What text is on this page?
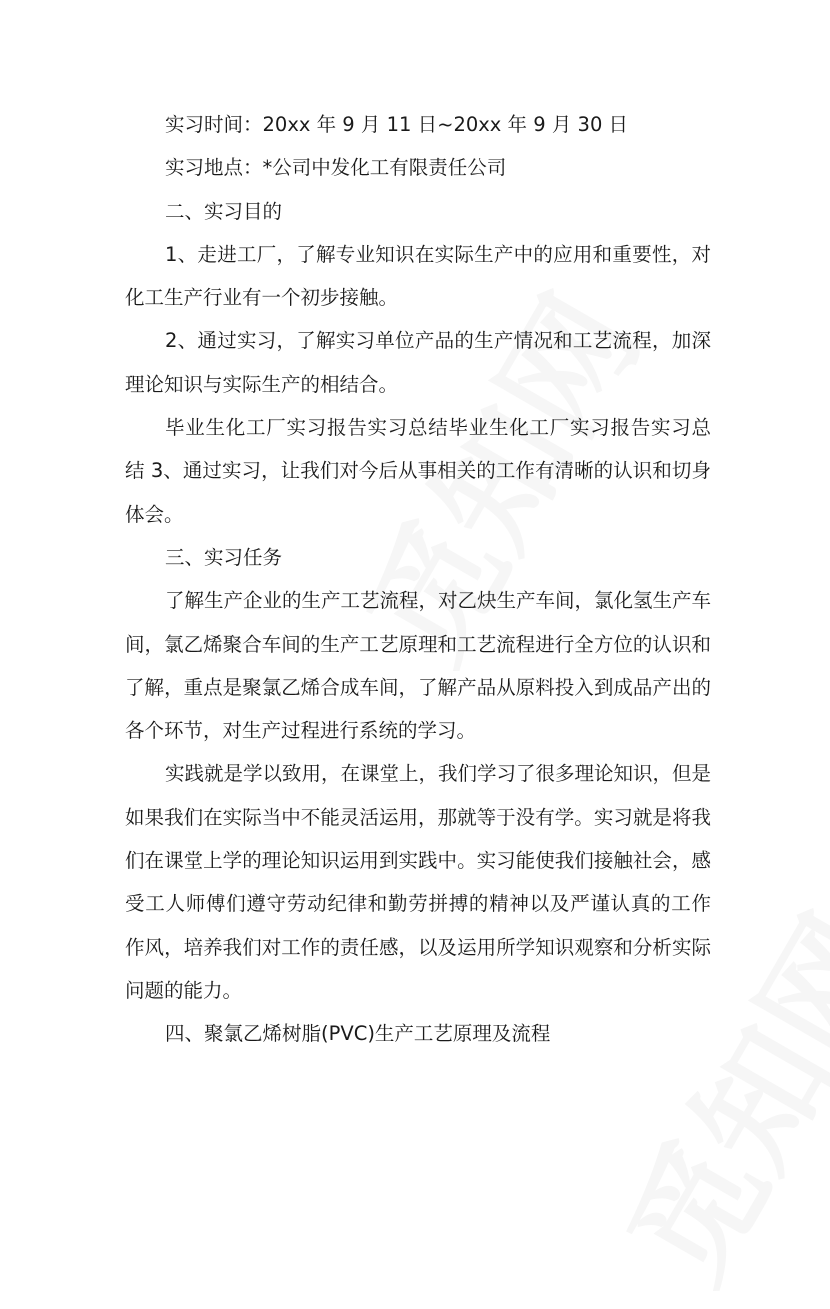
实习时间：20xx 年 9 月 11 日~20xx 年 9 月 30 日
实习地点：*公司中发化工有限责任公司
二、实习目的
1、走进工厂，了解专业知识在实际生产中的应用和重要性，对
化工生产行业有一个初步接触。
2、通过实习，了解实习单位产品的生产情况和工艺流程，加深
理论知识与实际生产的相结合。
毕业生化工厂实习报告实习总结毕业生化工厂实习报告实习总
结 3、通过实习，让我们对今后从事相关的工作有清晰的认识和切身
体会。
三、实习任务
了解生产企业的生产工艺流程，对乙炔生产车间，氯化氢生产车
间，氯乙烯聚合车间的生产工艺原理和工艺流程进行全方位的认识和
了解，重点是聚氯乙烯合成车间，了解产品从原料投入到成品产出的
各个环节，对生产过程进行系统的学习。
实践就是学以致用，在课堂上，我们学习了很多理论知识，但是
如果我们在实际当中不能灵活运用，那就等于没有学。实习就是将我
们在课堂上学的理论知识运用到实践中。实习能使我们接触社会，感
受工人师傅们遵守劳动纪律和勤劳拼搏的精神以及严谨认真的工作
作风，培养我们对工作的责任感，以及运用所学知识观察和分析实际
问题的能力。
四、聚氯乙烯树脂(PVC)生产工艺原理及流程
